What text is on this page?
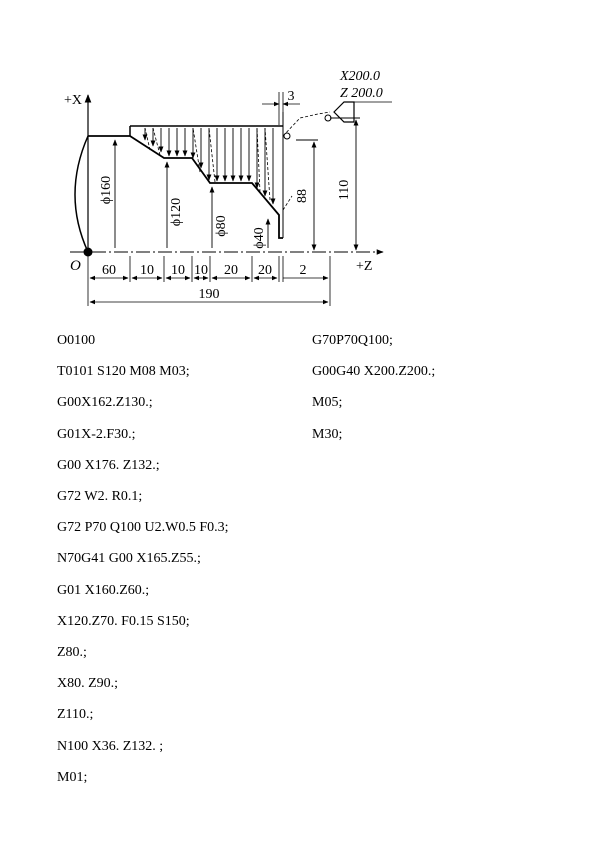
ϕ160
ϕ120 ϕ80
ϕ40
88 110
3
X200.0
Z 200.0
+X
+Z
O 60 10 10 10 20 20 2
190
O0100
T0101 S120 M08 M03;
G00X162.Z130.;
G01X-2.F30.;
G00 X176. Z132.;
G72 W2. R0.1;
G72 P70 Q100 U2.W0.5 F0.3;
N70G41 G00 X165.Z55.;
G01 X160.Z60.;
X120.Z70. F0.15 S150;
Z80.;
X80. Z90.;
Z110.;
N100 X36. Z132. ;
M01;
G70P70Q100;
G00G40 X200.Z200.;
M05;
M30;
